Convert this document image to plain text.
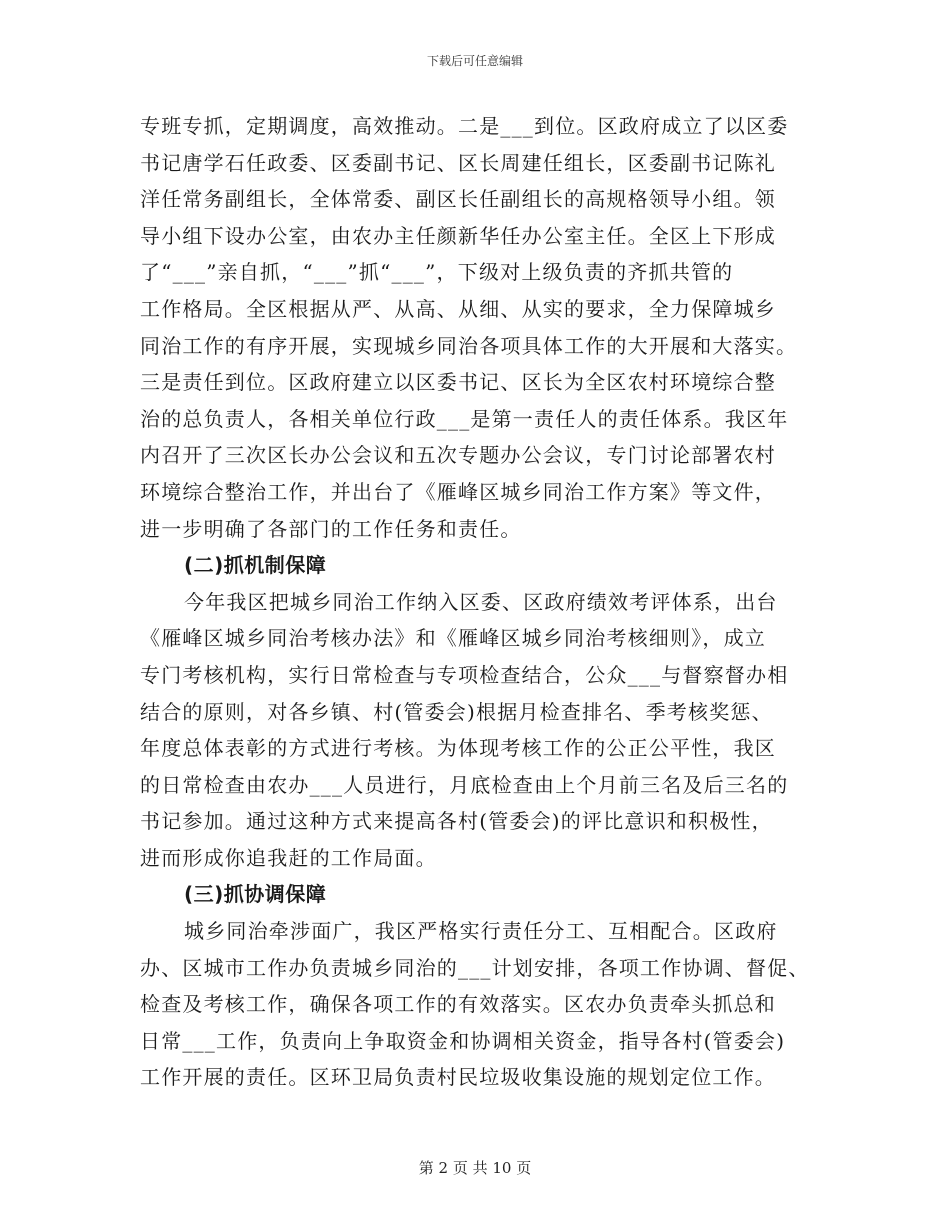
下载后可任意编辑
专班专抓，定期调度，高效推动。二是___到位。区政府成立了以区委
书记唐学石任政委、区委副书记、区长周建任组长，区委副书记陈礼
洋任常务副组长，全体常委、副区长任副组长的高规格领导小组。领
导小组下设办公室，由农办主任颜新华任办公室主任。全区上下形成
了“___”亲自抓，“___”抓“___”，下级对上级负责的齐抓共管的
工作格局。全区根据从严、从高、从细、从实的要求，全力保障城乡
同治工作的有序开展，实现城乡同治各项具体工作的大开展和大落实。
三是责任到位。区政府建立以区委书记、区长为全区农村环境综合整
治的总负责人，各相关单位行政___是第一责任人的责任体系。我区年
内召开了三次区长办公会议和五次专题办公会议，专门讨论部署农村
环境综合整治工作，并出台了《雁峰区城乡同治工作方案》等文件，
进一步明确了各部门的工作任务和责任。
(二)抓机制保障
今年我区把城乡同治工作纳入区委、区政府绩效考评体系，出台
《雁峰区城乡同治考核办法》和《雁峰区城乡同治考核细则》，成立
专门考核机构，实行日常检查与专项检查结合，公众___与督察督办相
结合的原则，对各乡镇、村(管委会)根据月检查排名、季考核奖惩、
年度总体表彰的方式进行考核。为体现考核工作的公正公平性，我区
的日常检查由农办___人员进行，月底检查由上个月前三名及后三名的
书记参加。通过这种方式来提高各村(管委会)的评比意识和积极性，
进而形成你追我赶的工作局面。
(三)抓协调保障
城乡同治牵涉面广，我区严格实行责任分工、互相配合。区政府
办、区城市工作办负责城乡同治的___计划安排，各项工作协调、督促、
检查及考核工作，确保各项工作的有效落实。区农办负责牵头抓总和
日常___工作，负责向上争取资金和协调相关资金，指导各村(管委会)
工作开展的责任。区环卫局负责村民垃圾收集设施的规划定位工作。
第 2 页 共 10 页
